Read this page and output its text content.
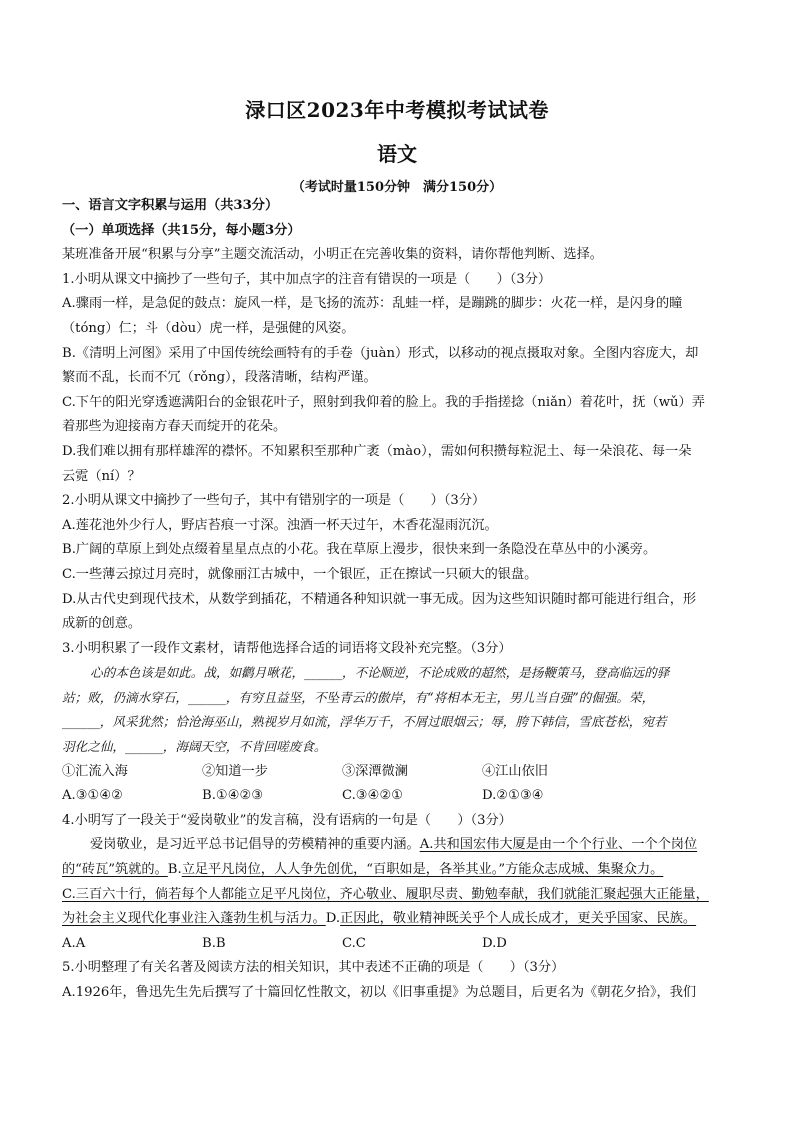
渌口区2023年中考模拟考试试卷
语文
（考试时量150分钟　满分150分）
一、语言文字积累与运用（共33分）
（一）单项选择（共15分，每小题3分）
某班准备开展“积累与分享”主题交流活动，小明正在完善收集的资料，请你帮他判断、选择。
1.小明从课文中摘抄了一些句子，其中加点字的注音有错误的一项是（　　）（3分）
A.骤雨一样，是急促的鼓点：旋风一样，是飞扬的流苏：乱蛙一样，是蹦跳的脚步：火花一样，是闪身的瞳
（tóng）仁；斗（dòu）虎一样，是强健的风姿。
B.《清明上河图》采用了中国传统绘画特有的手卷（juàn）形式，以移动的视点摄取对象。全图内容庞大，却
繁而不乱，长而不冗（rǒng），段落清晰，结构严谨。
C.下午的阳光穿透遮满阳台的金银花叶子，照射到我仰着的脸上。我的手指搓捻（niǎn）着花叶，抚（wǔ）弄
着那些为迎接南方春天而绽开的花朵。
D.我们难以拥有那样雄浑的襟怀。不知累积至那种广袤（mào），需如何积攒每粒泥土、每一朵浪花、每一朵
云霓（ní）？
2.小明从课文中摘抄了一些句子，其中有错别字的一项是（　　）（3分）
A.莲花池外少行人，野店苔痕一寸深。浊酒一杯天过午，木香花湿雨沉沉。
B.广阔的草原上到处点缀着星星点点的小花。我在草原上漫步，很快来到一条隐没在草丛中的小溪旁。
C.一些薄云掠过月亮时，就像丽江古城中，一个银匠，正在擦试一只硕大的银盘。
D.从古代史到现代技术，从数学到插花，不精通各种知识就一事无成。因为这些知识随时都可能进行组合，形
成新的创意。
3.小明积累了一段作文素材，请帮他选择合适的词语将文段补充完整。（3分）
心的本色该是如此。战，如鹳月啾花，______，不论顺逆，不论成败的超然，是扬鞭策马，登高临远的驿
站；败，仍滴水穿石，______，有穷且益坚，不坠青云的傲岸，有“将相本无主，男儿当自强”的倔强。荣，
______，风采犹然；恰沧海巫山，熟视岁月如流，浮华万千，不屑过眼烟云；辱，胯下韩信，雪底苍松，宛若
羽化之仙，______，海阔天空，不肯回嗟废食。
①汇流入海	②知道一步	③深潭微澜	④江山依旧
A.③①④②	B.①④②③	C.③④②①	D.②①③④
4.小明写了一段关于“爱岗敬业”的发言稿，没有语病的一句是（　　）（3分）
爱岗敬业，是习近平总书记倡导的劳模精神的重要内涵。A.共和国宏伟大厦是由一个个行业、一个个岗位
的“砖瓦”筑就的。B.立足平凡岗位，人人争先创优，“百职如是，各举其业。”方能众志成城、集聚众力。
C.三百六十行，倘若每个人都能立足平凡岗位，齐心敬业、履职尽责、勤勉奉献，我们就能汇聚起强大正能量，
为社会主义现代化事业注入蓬勃生机与活力。D.正因此，敬业精神既关乎个人成长成才，更关乎国家、民族。
A.A	B.B	C.C	D.D
5.小明整理了有关名著及阅读方法的相关知识，其中表述不正确的项是（　　）（3分）
A.1926年，鲁迅先生先后撰写了十篇回忆性散文，初以《旧事重提》为总题目，后更名为《朝花夕拾》，我们
